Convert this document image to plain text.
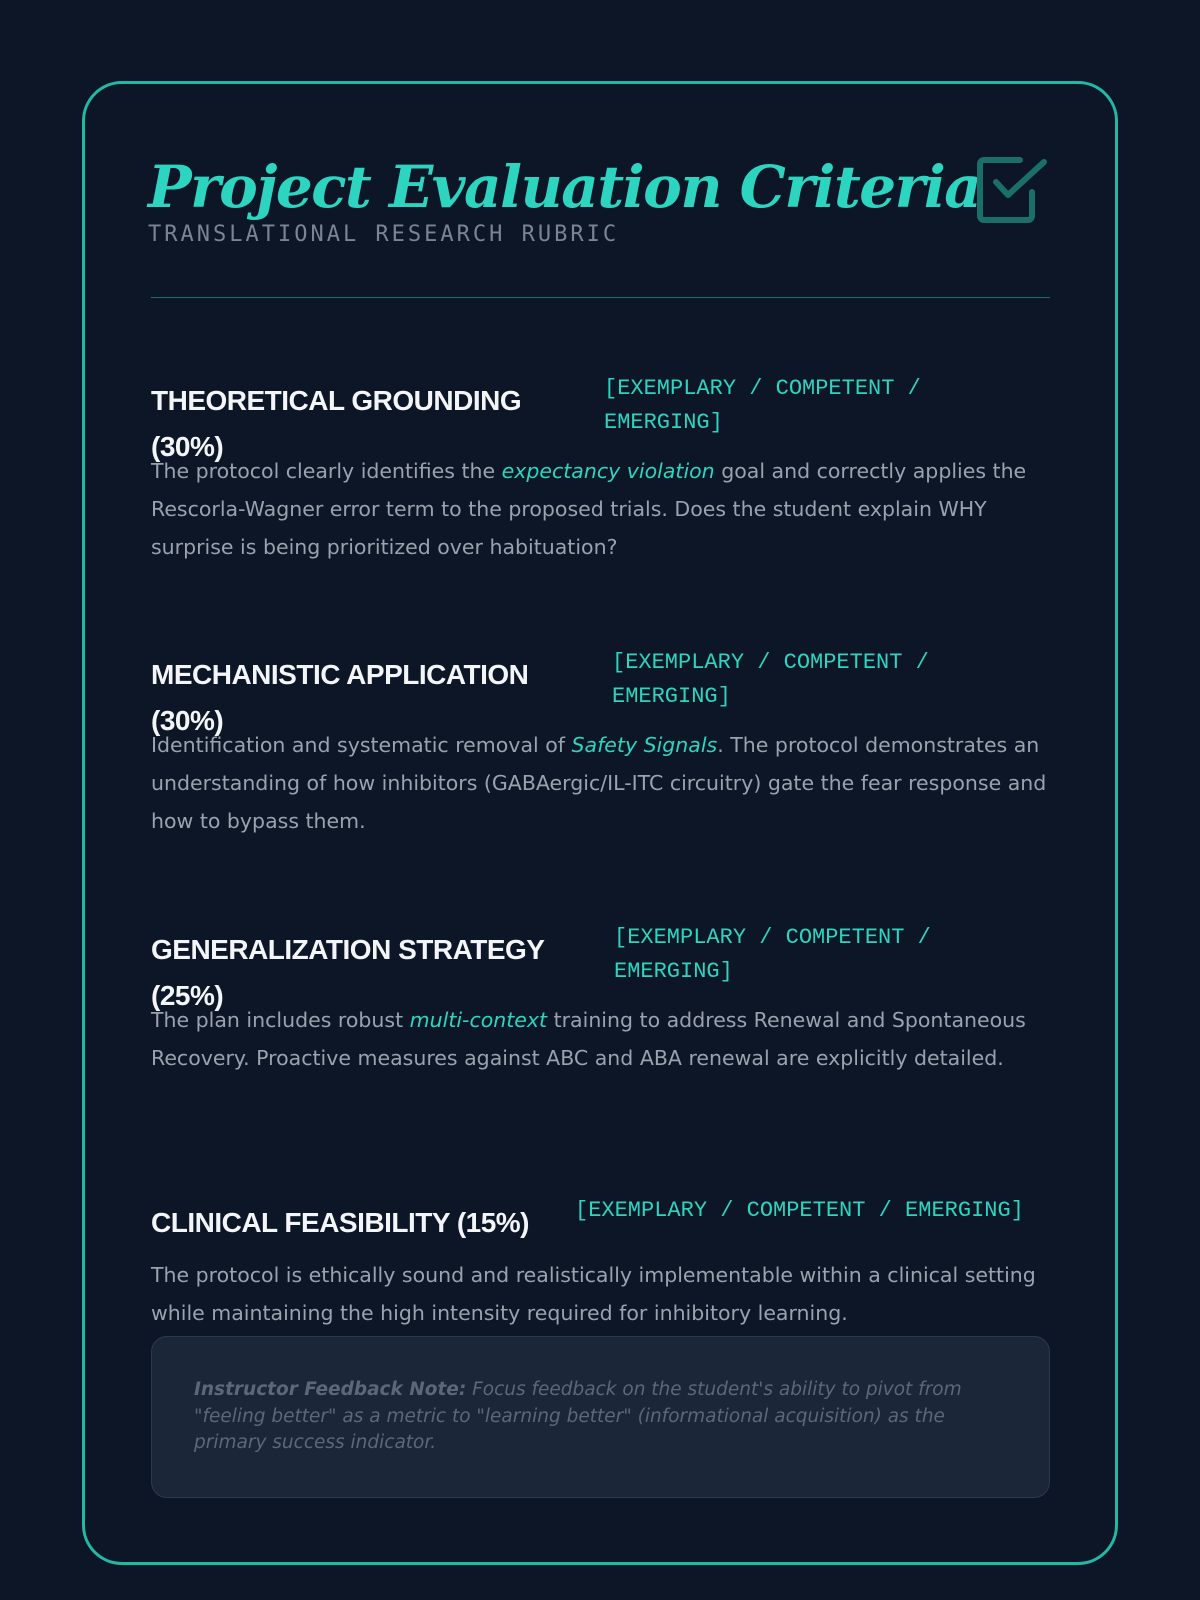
Project Evaluation Criteria
TRANSLATIONAL RESEARCH RUBRIC
THEORETICAL GROUNDING (30%)
[EXEMPLARY / COMPETENT / EMERGING]

The protocol clearly identifies the expectancy violation goal and correctly applies the Rescorla-Wagner error term to the proposed trials. Does the student explain WHY surprise is being prioritized over habituation?

MECHANISTIC APPLICATION (30%)
[EXEMPLARY / COMPETENT / EMERGING]

Identification and systematic removal of Safety Signals. The protocol demonstrates an understanding of how inhibitors (GABAergic/IL-ITC circuitry) gate the fear response and how to bypass them.

GENERALIZATION STRATEGY (25%)
[EXEMPLARY / COMPETENT / EMERGING]

The plan includes robust multi-context training to address Renewal and Spontaneous Recovery. Proactive measures against ABC and ABA renewal are explicitly detailed.

CLINICAL FEASIBILITY (15%)	[EXEMPLARY / COMPETENT / EMERGING]

The protocol is ethically sound and realistically implementable within a clinical setting while maintaining the high intensity required for inhibitory learning.

Instructor Feedback Note: Focus feedback on the student's ability to pivot from "feeling better" as a metric to "learning better" (informational acquisition) as the primary success indicator.
